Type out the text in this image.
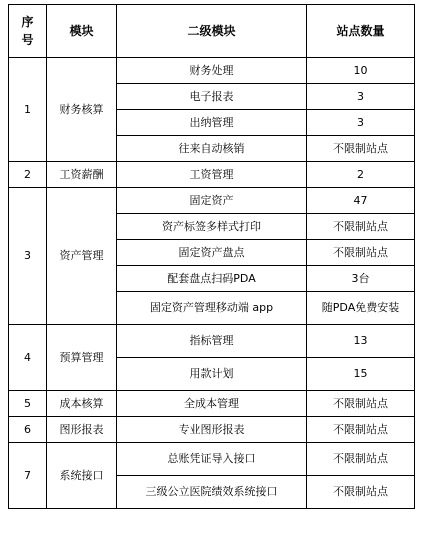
序号	模块	二级模块	站点数量
1	财务核算	财务处理	10
		电子报表	3
		出纳管理	3
		往来自动核销	不限制站点
2	工资薪酬	工资管理	2
3	资产管理	固定资产	47
		资产标签多样式打印	不限制站点
		固定资产盘点	不限制站点
		配套盘点扫码PDA	3台
		固定资产管理移动端 app	随PDA免费安装
4	预算管理	指标管理	13
		用款计划	15
5	成本核算	全成本管理	不限制站点
6	图形报表	专业图形报表	不限制站点
7	系统接口	总账凭证导入接口	不限制站点
		三级公立医院绩效系统接口	不限制站点
